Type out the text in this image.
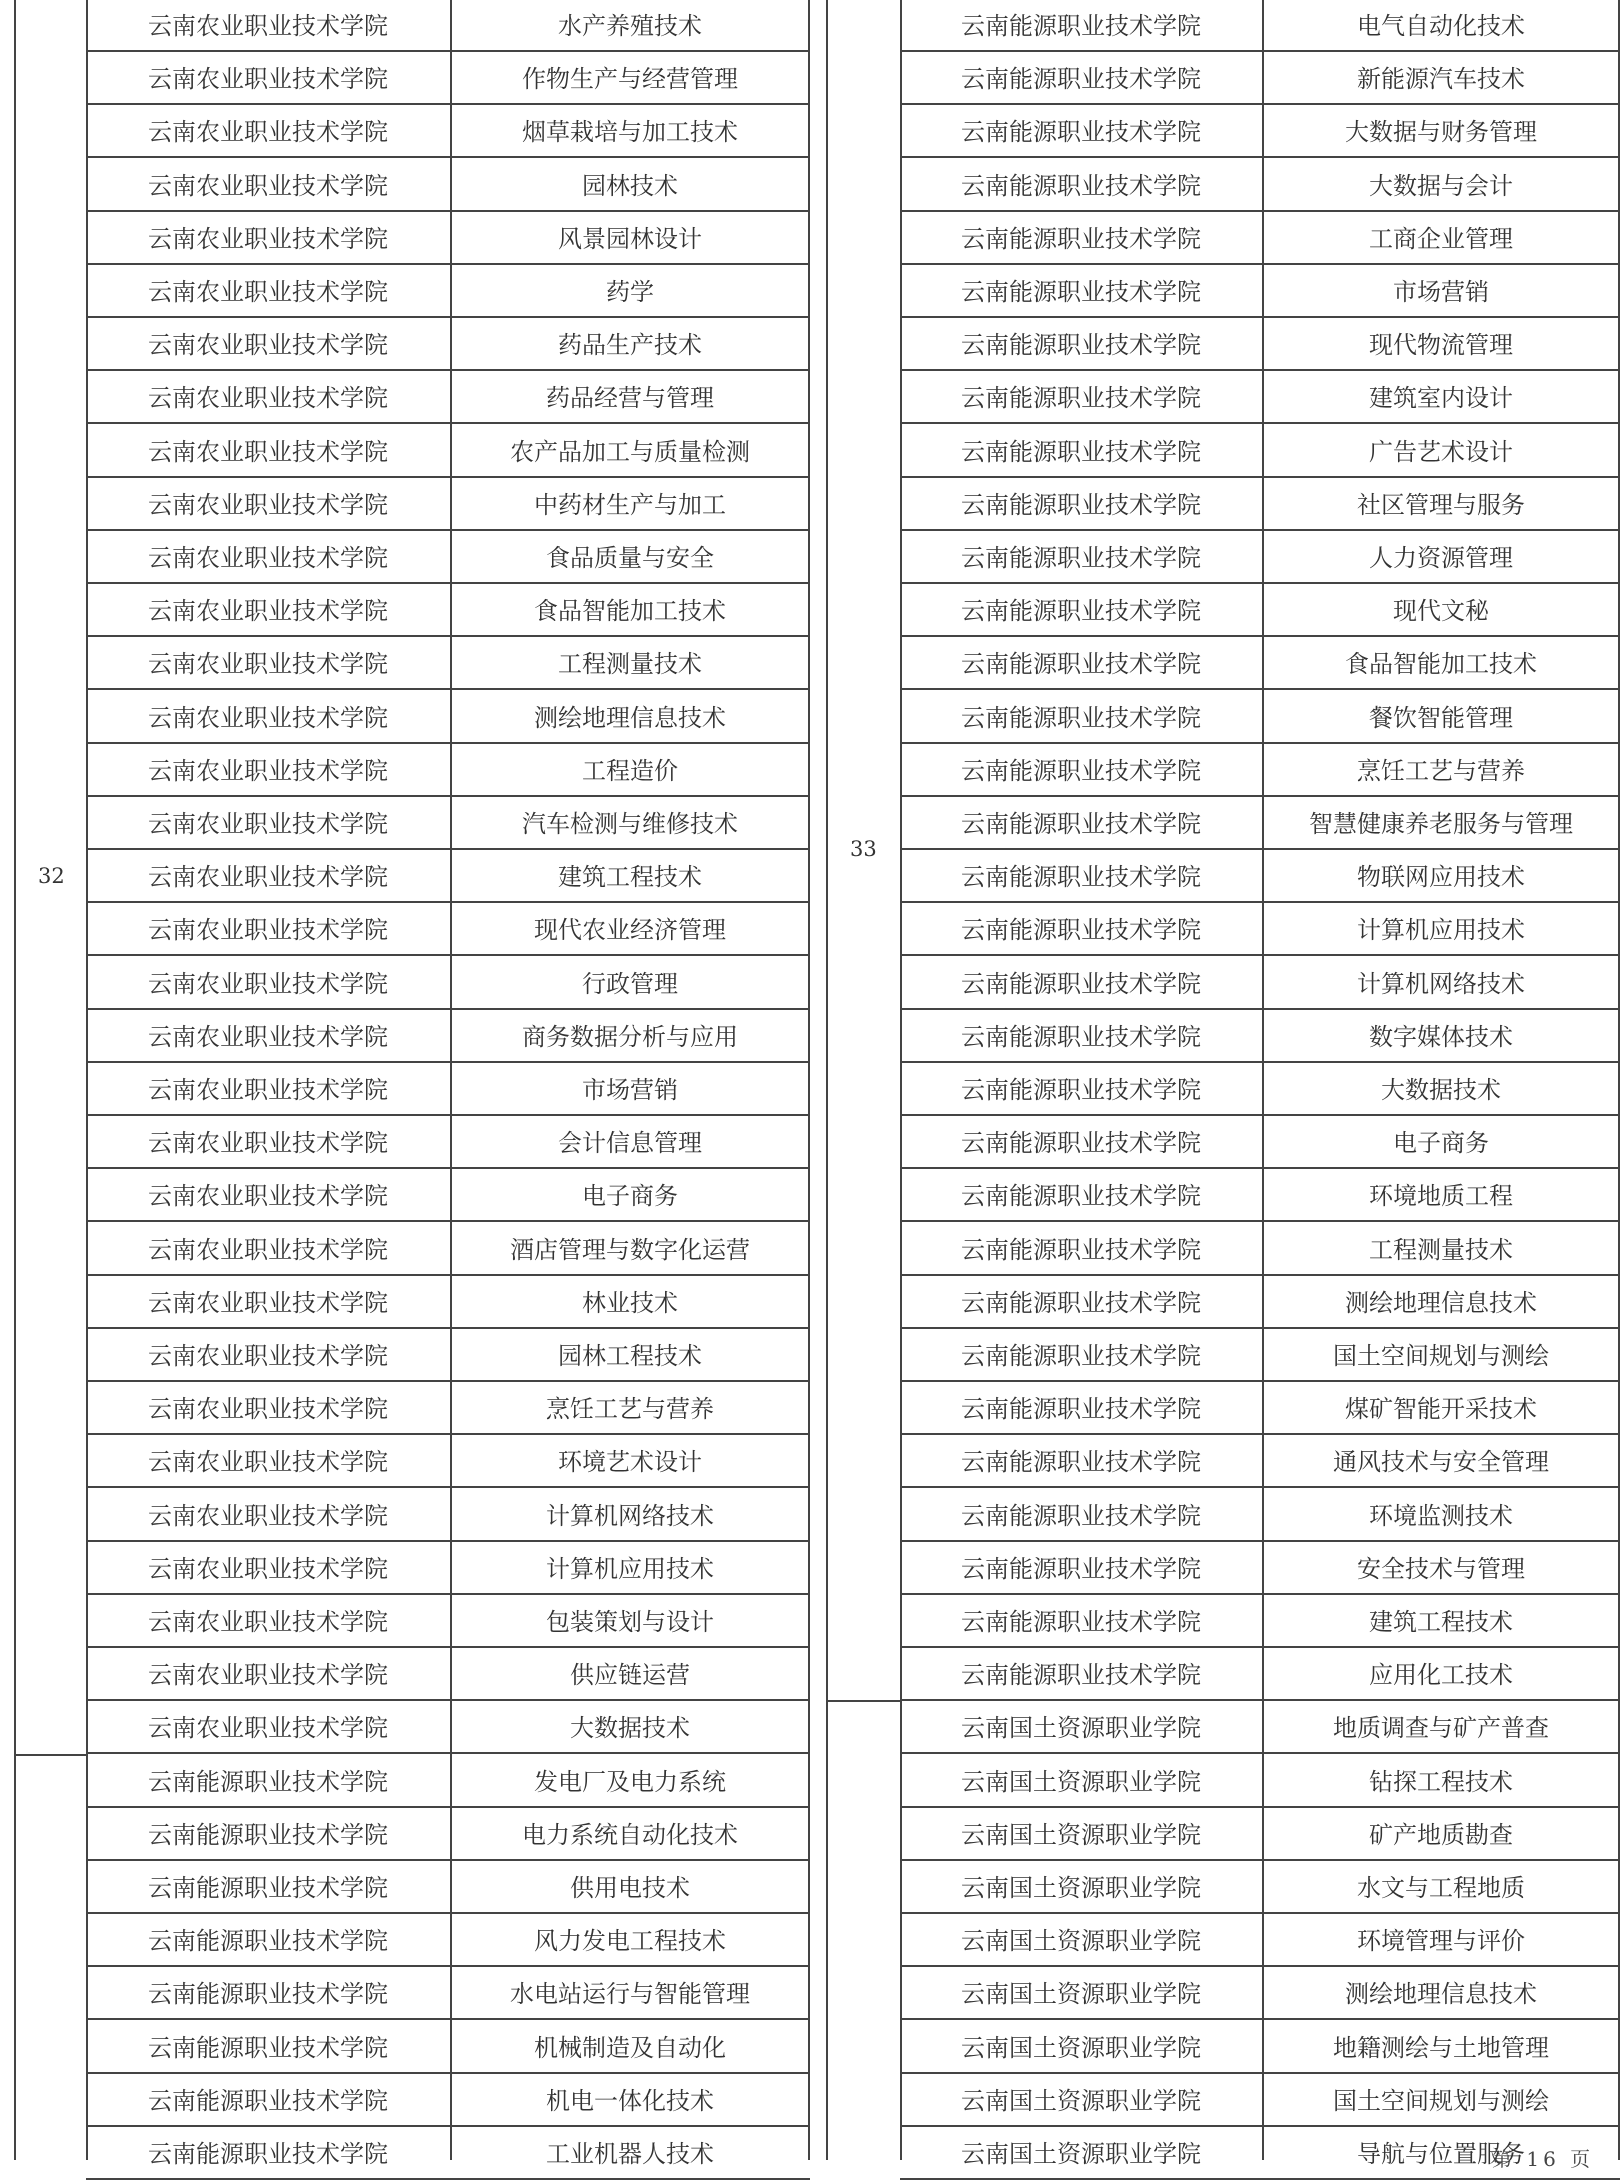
云南农业职业技术学院	水产养殖技术
云南农业职业技术学院	作物生产与经营管理
云南农业职业技术学院	烟草栽培与加工技术
云南农业职业技术学院	园林技术
云南农业职业技术学院	风景园林设计
云南农业职业技术学院	药学
云南农业职业技术学院	药品生产技术
云南农业职业技术学院	药品经营与管理
云南农业职业技术学院	农产品加工与质量检测
云南农业职业技术学院	中药材生产与加工
云南农业职业技术学院	食品质量与安全
云南农业职业技术学院	食品智能加工技术
云南农业职业技术学院	工程测量技术
云南农业职业技术学院	测绘地理信息技术
云南农业职业技术学院	工程造价
云南农业职业技术学院	汽车检测与维修技术
云南农业职业技术学院	建筑工程技术
云南农业职业技术学院	现代农业经济管理
云南农业职业技术学院	行政管理
云南农业职业技术学院	商务数据分析与应用
云南农业职业技术学院	市场营销
云南农业职业技术学院	会计信息管理
云南农业职业技术学院	电子商务
云南农业职业技术学院	酒店管理与数字化运营
云南农业职业技术学院	林业技术
云南农业职业技术学院	园林工程技术
云南农业职业技术学院	烹饪工艺与营养
云南农业职业技术学院	环境艺术设计
云南农业职业技术学院	计算机网络技术
云南农业职业技术学院	计算机应用技术
云南农业职业技术学院	包装策划与设计
云南农业职业技术学院	供应链运营
云南农业职业技术学院	大数据技术
32
云南能源职业技术学院	发电厂及电力系统
云南能源职业技术学院	电力系统自动化技术
云南能源职业技术学院	供用电技术
云南能源职业技术学院	风力发电工程技术
云南能源职业技术学院	水电站运行与智能管理
云南能源职业技术学院	机械制造及自动化
云南能源职业技术学院	机电一体化技术
云南能源职业技术学院	工业机器人技术
云南能源职业技术学院	电气自动化技术
云南能源职业技术学院	新能源汽车技术
云南能源职业技术学院	大数据与财务管理
云南能源职业技术学院	大数据与会计
云南能源职业技术学院	工商企业管理
云南能源职业技术学院	市场营销
云南能源职业技术学院	现代物流管理
云南能源职业技术学院	建筑室内设计
云南能源职业技术学院	广告艺术设计
云南能源职业技术学院	社区管理与服务
云南能源职业技术学院	人力资源管理
云南能源职业技术学院	现代文秘
云南能源职业技术学院	食品智能加工技术
云南能源职业技术学院	餐饮智能管理
云南能源职业技术学院	烹饪工艺与营养
云南能源职业技术学院	智慧健康养老服务与管理
云南能源职业技术学院	物联网应用技术
云南能源职业技术学院	计算机应用技术
云南能源职业技术学院	计算机网络技术
云南能源职业技术学院	数字媒体技术
云南能源职业技术学院	大数据技术
云南能源职业技术学院	电子商务
云南能源职业技术学院	环境地质工程
云南能源职业技术学院	工程测量技术
云南能源职业技术学院	测绘地理信息技术
云南能源职业技术学院	国土空间规划与测绘
云南能源职业技术学院	煤矿智能开采技术
云南能源职业技术学院	通风技术与安全管理
云南能源职业技术学院	环境监测技术
云南能源职业技术学院	安全技术与管理
云南能源职业技术学院	建筑工程技术
云南能源职业技术学院	应用化工技术
33
云南国土资源职业学院	地质调查与矿产普查
云南国土资源职业学院	钻探工程技术
云南国土资源职业学院	矿产地质勘查
云南国土资源职业学院	水文与工程地质
云南国土资源职业学院	环境管理与评价
云南国土资源职业学院	测绘地理信息技术
云南国土资源职业学院	地籍测绘与土地管理
云南国土资源职业学院	国土空间规划与测绘
云南国土资源职业学院	导航与位置服务
第 16 页
